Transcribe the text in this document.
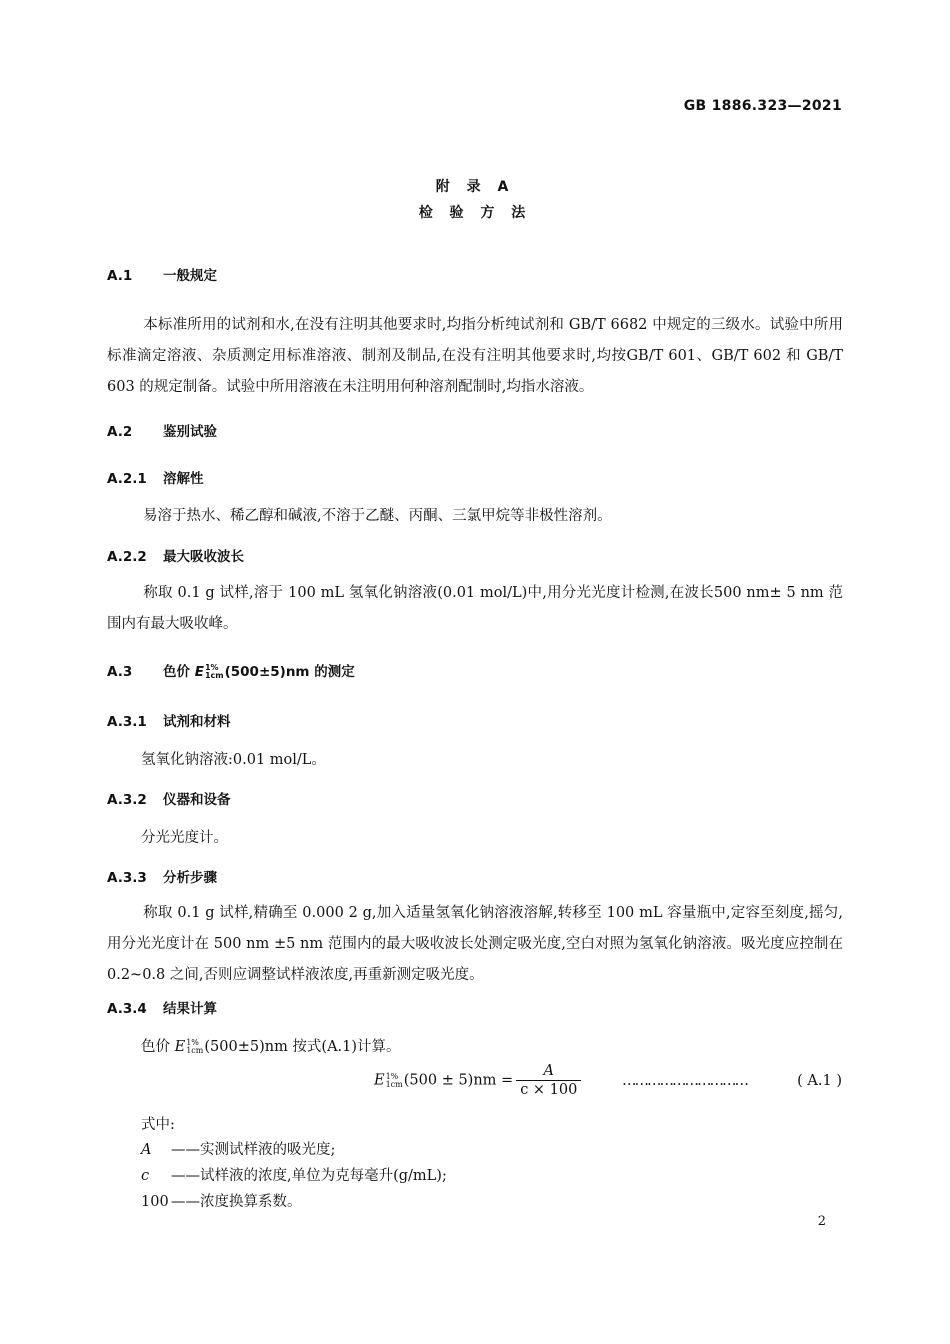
GB 1886.323—2021
附 录 A
检 验 方 法
A.1 一般规定
本标准所用的试剂和水,在没有注明其他要求时,均指分析纯试剂和 GB/T 6682 中规定的三级水。试验中所用标准滴定溶液、杂质测定用标准溶液、制剂及制品,在没有注明其他要求时,均按GB/T 601、GB/T 602 和 GB/T 603 的规定制备。试验中所用溶液在未注明用何种溶剂配制时,均指水溶液。
A.2 鉴别试验
A.2.1 溶解性
易溶于热水、稀乙醇和碱液,不溶于乙醚、丙酮、三氯甲烷等非极性溶剂。
A.2.2 最大吸收波长
称取 0.1 g 试样,溶于 100 mL 氢氧化钠溶液(0.01 mol/L)中,用分光光度计检测,在波长500 nm± 5 nm 范围内有最大吸收峰。
A.3 色价 E 1%
1cm (500±5)nm 的测定
A.3.1 试剂和材料
氢氧化钠溶液:0.01 mol/L。
A.3.2 仪器和设备
分光光度计。
A.3.3 分析步骤
称取 0.1 g 试样,精确至 0.000 2 g,加入适量氢氧化钠溶液溶解,转移至 100 mL 容量瓶中,定容至刻度,摇匀,用分光光度计在 500 nm ±5 nm 范围内的最大吸收波长处测定吸光度,空白对照为氢氧化钠溶液。吸光度应控制在 0.2~0.8 之间,否则应调整试样液浓度,再重新测定吸光度。
A.3.4 结果计算
色价 E 1%
1cm (500±5)nm 按式(A.1)计算。
E 1%
1cm $(500 \pm 5)nm = \frac{A}{c \times 100}$	…………………………	( A.1 )
式中:
A ——实测试样液的吸光度;
c ——试样液的浓度,单位为克每毫升(g/mL);
100 ——浓度换算系数。
2
